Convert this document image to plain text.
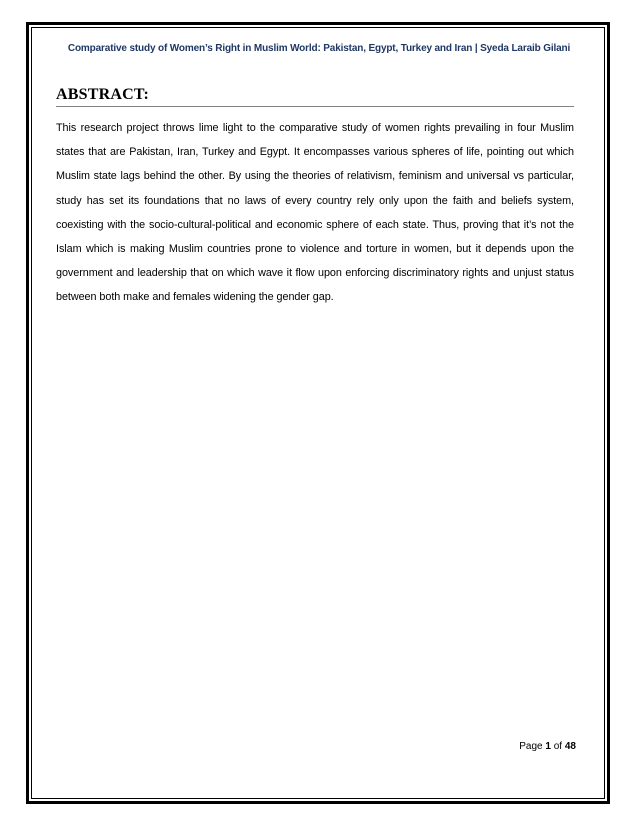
Comparative study of Women’s Right in Muslim World: Pakistan, Egypt, Turkey and Iran | Syeda Laraib Gilani
ABSTRACT:
This research project throws lime light to the comparative study of women rights prevailing in four Muslim states that are Pakistan, Iran, Turkey and Egypt. It encompasses various spheres of life, pointing out which Muslim state lags behind the other. By using the theories of relativism, feminism and universal vs particular, study has set its foundations that no laws of every country rely only upon the faith and beliefs system, coexisting with the socio-cultural-political and economic sphere of each state. Thus, proving that it’s not the Islam which is making Muslim countries prone to violence and torture in women, but it depends upon the government and leadership that on which wave it flow upon enforcing discriminatory rights and unjust status between both make and females widening the gender gap.
Page 1 of 48
